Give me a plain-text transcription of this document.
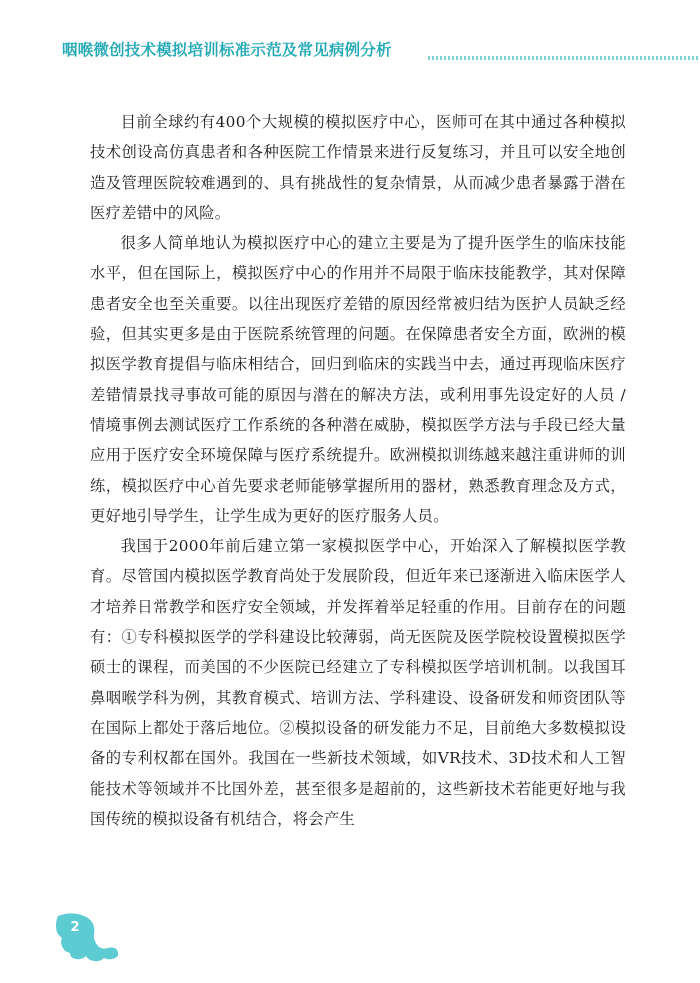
咽喉微创技术模拟培训标准示范及常见病例分析

目前全球约有400个大规模的模拟医疗中心，医师可在其中通过各种模拟技术创设高仿真患者和各种医院工作情景来进行反复练习，并且可以安全地创造及管理医院较难遇到的、具有挑战性的复杂情景，从而减少患者暴露于潜在医疗差错中的风险。

很多人简单地认为模拟医疗中心的建立主要是为了提升医学生的临床技能水平，但在国际上，模拟医疗中心的作用并不局限于临床技能教学，其对保障患者安全也至关重要。以往出现医疗差错的原因经常被归结为医护人员缺乏经验，但其实更多是由于医院系统管理的问题。在保障患者安全方面，欧洲的模拟医学教育提倡与临床相结合，回归到临床的实践当中去，通过再现临床医疗差错情景找寻事故可能的原因与潜在的解决方法，或利用事先设定好的人员 / 情境事例去测试医疗工作系统的各种潜在威胁，模拟医学方法与手段已经大量应用于医疗安全环境保障与医疗系统提升。欧洲模拟训练越来越注重讲师的训练，模拟医疗中心首先要求老师能够掌握所用的器材，熟悉教育理念及方式，更好地引导学生，让学生成为更好的医疗服务人员。

我国于2000年前后建立第一家模拟医学中心，开始深入了解模拟医学教育。尽管国内模拟医学教育尚处于发展阶段，但近年来已逐渐进入临床医学人才培养日常教学和医疗安全领域，并发挥着举足轻重的作用。目前存在的问题有：①专科模拟医学的学科建设比较薄弱，尚无医院及医学院校设置模拟医学硕士的课程，而美国的不少医院已经建立了专科模拟医学培训机制。以我国耳鼻咽喉学科为例，其教育模式、培训方法、学科建设、设备研发和师资团队等在国际上都处于落后地位。②模拟设备的研发能力不足，目前绝大多数模拟设备的专利权都在国外。我国在一些新技术领域，如VR技术、3D技术和人工智能技术等领域并不比国外差，甚至很多是超前的，这些新技术若能更好地与我国传统的模拟设备有机结合，将会产生

2
